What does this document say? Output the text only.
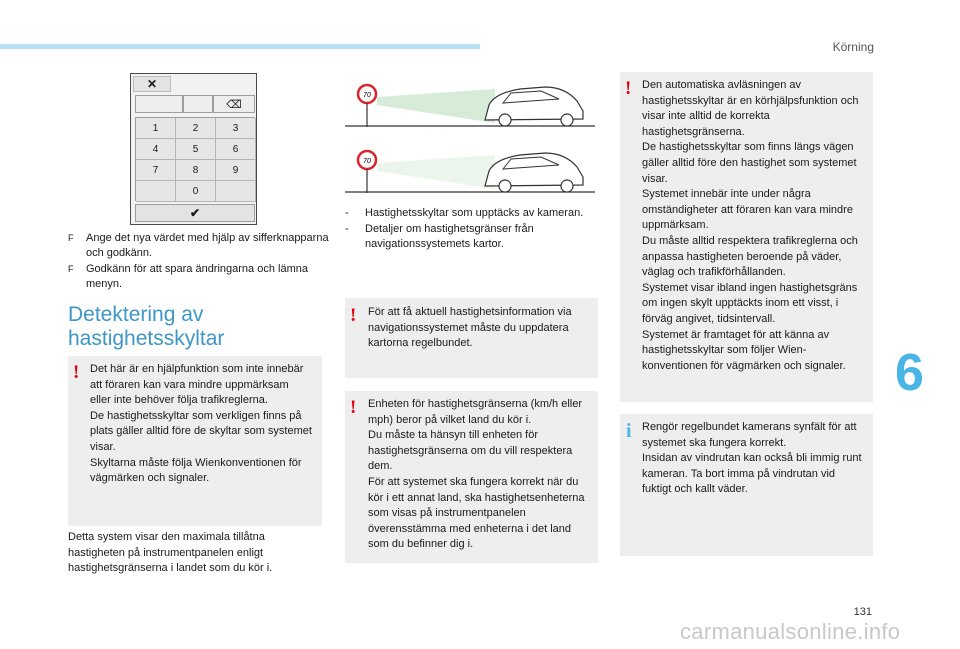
Körning
✕
⌫
1	2	3
4	5	6
7	8	9
0
✔
F Ange det nya värdet med hjälp av sifferknapparna och godkänn.
F Godkänn för att spara ändringarna och lämna menyn.
Detektering av hastighetsskyltar
! Det här är en hjälpfunktion som inte innebär att föraren kan vara mindre uppmärksam eller inte behöver följa trafikreglerna.

De hastighetsskyltar som verkligen finns på plats gäller alltid före de skyltar som systemet visar.

Skyltarna måste följa Wienkonventionen för vägmärken och signaler.

Detta system visar den maximala tillåtna hastigheten på instrumentpanelen enligt hastighetsgränserna i landet som du kör i.
70
70
- Hastighetsskyltar som upptäcks av kameran.
- Detaljer om hastighetsgränser från navigationssystemets kartor.
! För att få aktuell hastighetsinformation via navigationssystemet måste du uppdatera kartorna regelbundet.

! Enheten för hastighetsgränserna (km/h eller mph) beror på vilket land du kör i.

Du måste ta hänsyn till enheten för hastighetsgränserna om du vill respektera dem.

För att systemet ska fungera korrekt när du kör i ett annat land, ska hastighetsenheterna som visas på instrumentpanelen överensstämma med enheterna i det land som du befinner dig i.

! Den automatiska avläsningen av hastighetsskyltar är en körhjälpsfunktion och visar inte alltid de korrekta hastighetsgränserna.

De hastighetsskyltar som finns längs vägen gäller alltid före den hastighet som systemet visar.

Systemet innebär inte under några omständigheter att föraren kan vara mindre uppmärksam.

Du måste alltid respektera trafikreglerna och anpassa hastigheten beroende på väder, väglag och trafikförhållanden.

Systemet visar ibland ingen hastighetsgräns om ingen skylt upptäckts inom ett visst, i förväg angivet, tidsintervall.

Systemet är framtaget för att känna av hastighetsskyltar som följer Wien-konventionen för vägmärken och signaler.

i Rengör regelbundet kamerans synfält för att systemet ska fungera korrekt.

Insidan av vindrutan kan också bli immig runt kameran. Ta bort imma på vindrutan vid fuktigt och kallt väder.

6
131
carmanualsonline.info
